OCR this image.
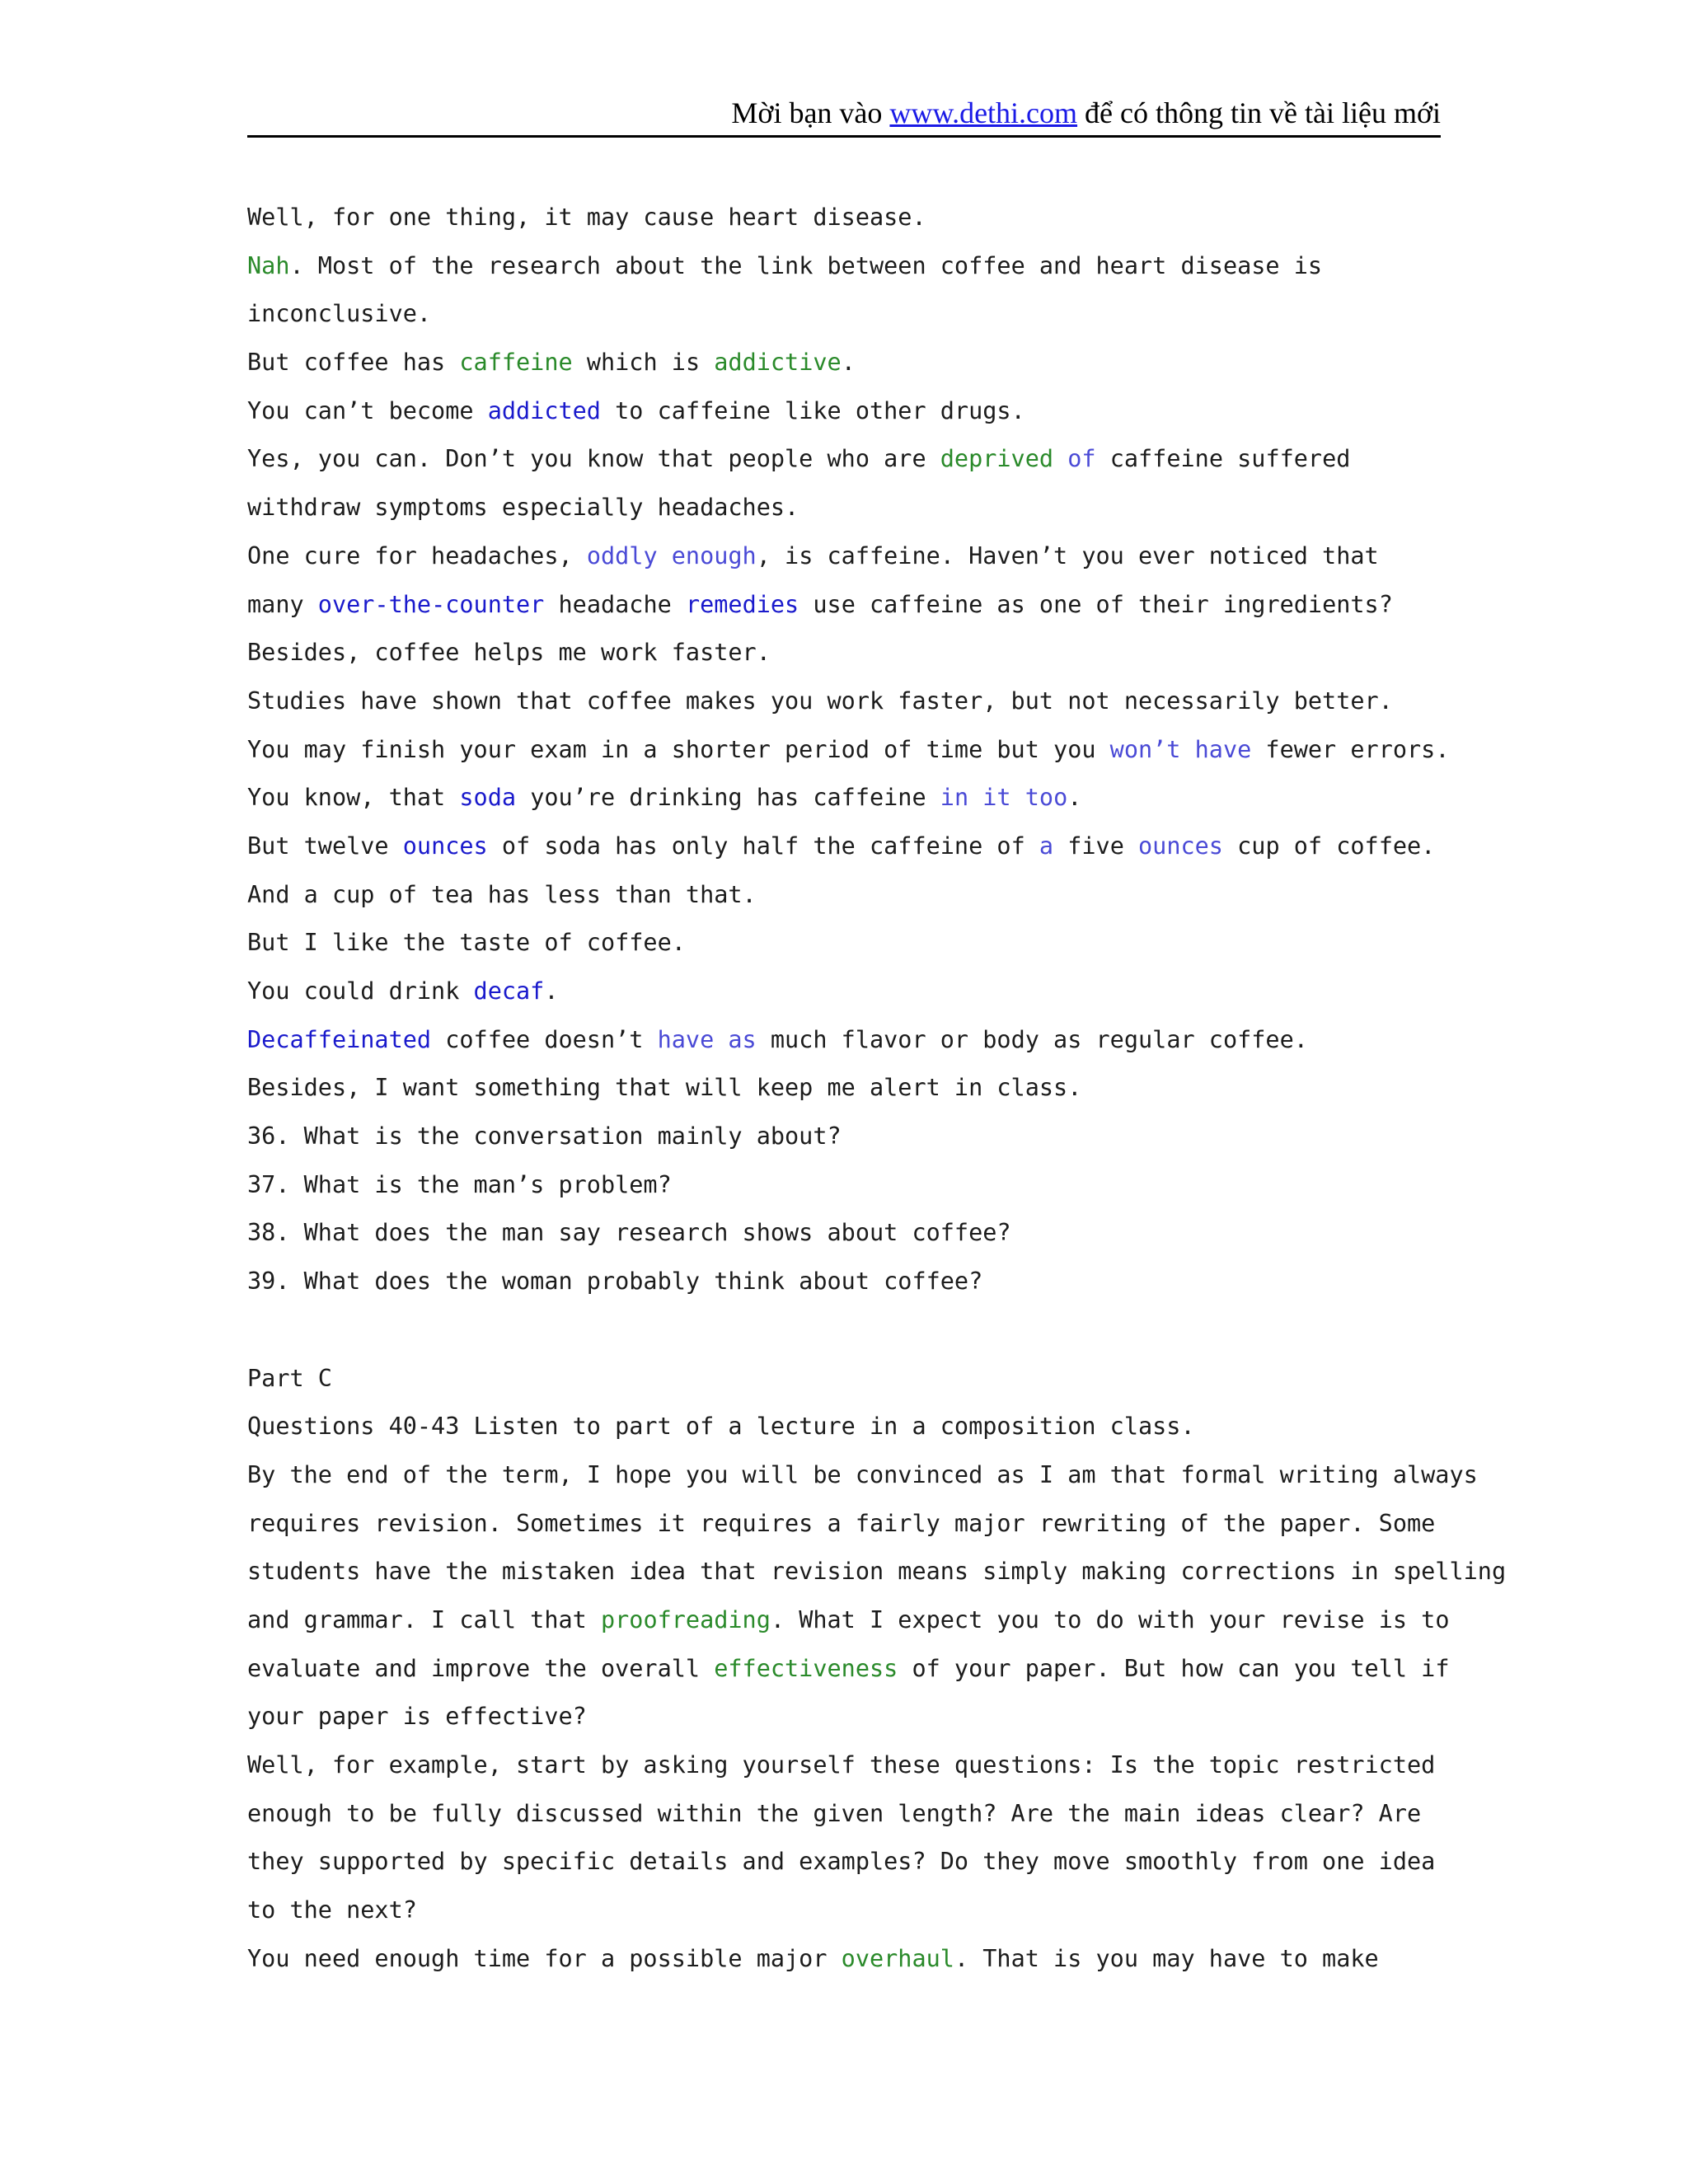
Mời bạn vào www.dethi.com để có thông tin về tài liệu mới
Well, for one thing, it may cause heart disease.
Nah. Most of the research about the link between coffee and heart disease is
inconclusive.
But coffee has caffeine which is addictive.
You can’t become addicted to caffeine like other drugs.
Yes, you can. Don’t you know that people who are deprived of caffeine suffered
withdraw symptoms especially headaches.
One cure for headaches, oddly enough, is caffeine. Haven’t you ever noticed that
many over-the-counter headache remedies use caffeine as one of their ingredients?
Besides, coffee helps me work faster.
Studies have shown that coffee makes you work faster, but not necessarily better.
You may finish your exam in a shorter period of time but you won’t have fewer errors.
You know, that soda you’re drinking has caffeine in it too.
But twelve ounces of soda has only half the caffeine of a five ounces cup of coffee.
And a cup of tea has less than that.
But I like the taste of coffee.
You could drink decaf.
Decaffeinated coffee doesn’t have as much flavor or body as regular coffee.
Besides, I want something that will keep me alert in class.
36. What is the conversation mainly about?
37. What is the man’s problem?
38. What does the man say research shows about coffee?
39. What does the woman probably think about coffee?
Part C
Questions 40-43 Listen to part of a lecture in a composition class.
By the end of the term, I hope you will be convinced as I am that formal writing always
requires revision. Sometimes it requires a fairly major rewriting of the paper. Some
students have the mistaken idea that revision means simply making corrections in spelling
and grammar. I call that proofreading. What I expect you to do with your revise is to
evaluate and improve the overall effectiveness of your paper. But how can you tell if
your paper is effective?
Well, for example, start by asking yourself these questions: Is the topic restricted
enough to be fully discussed within the given length? Are the main ideas clear? Are
they supported by specific details and examples? Do they move smoothly from one idea
to the next?
You need enough time for a possible major overhaul. That is you may have to make
